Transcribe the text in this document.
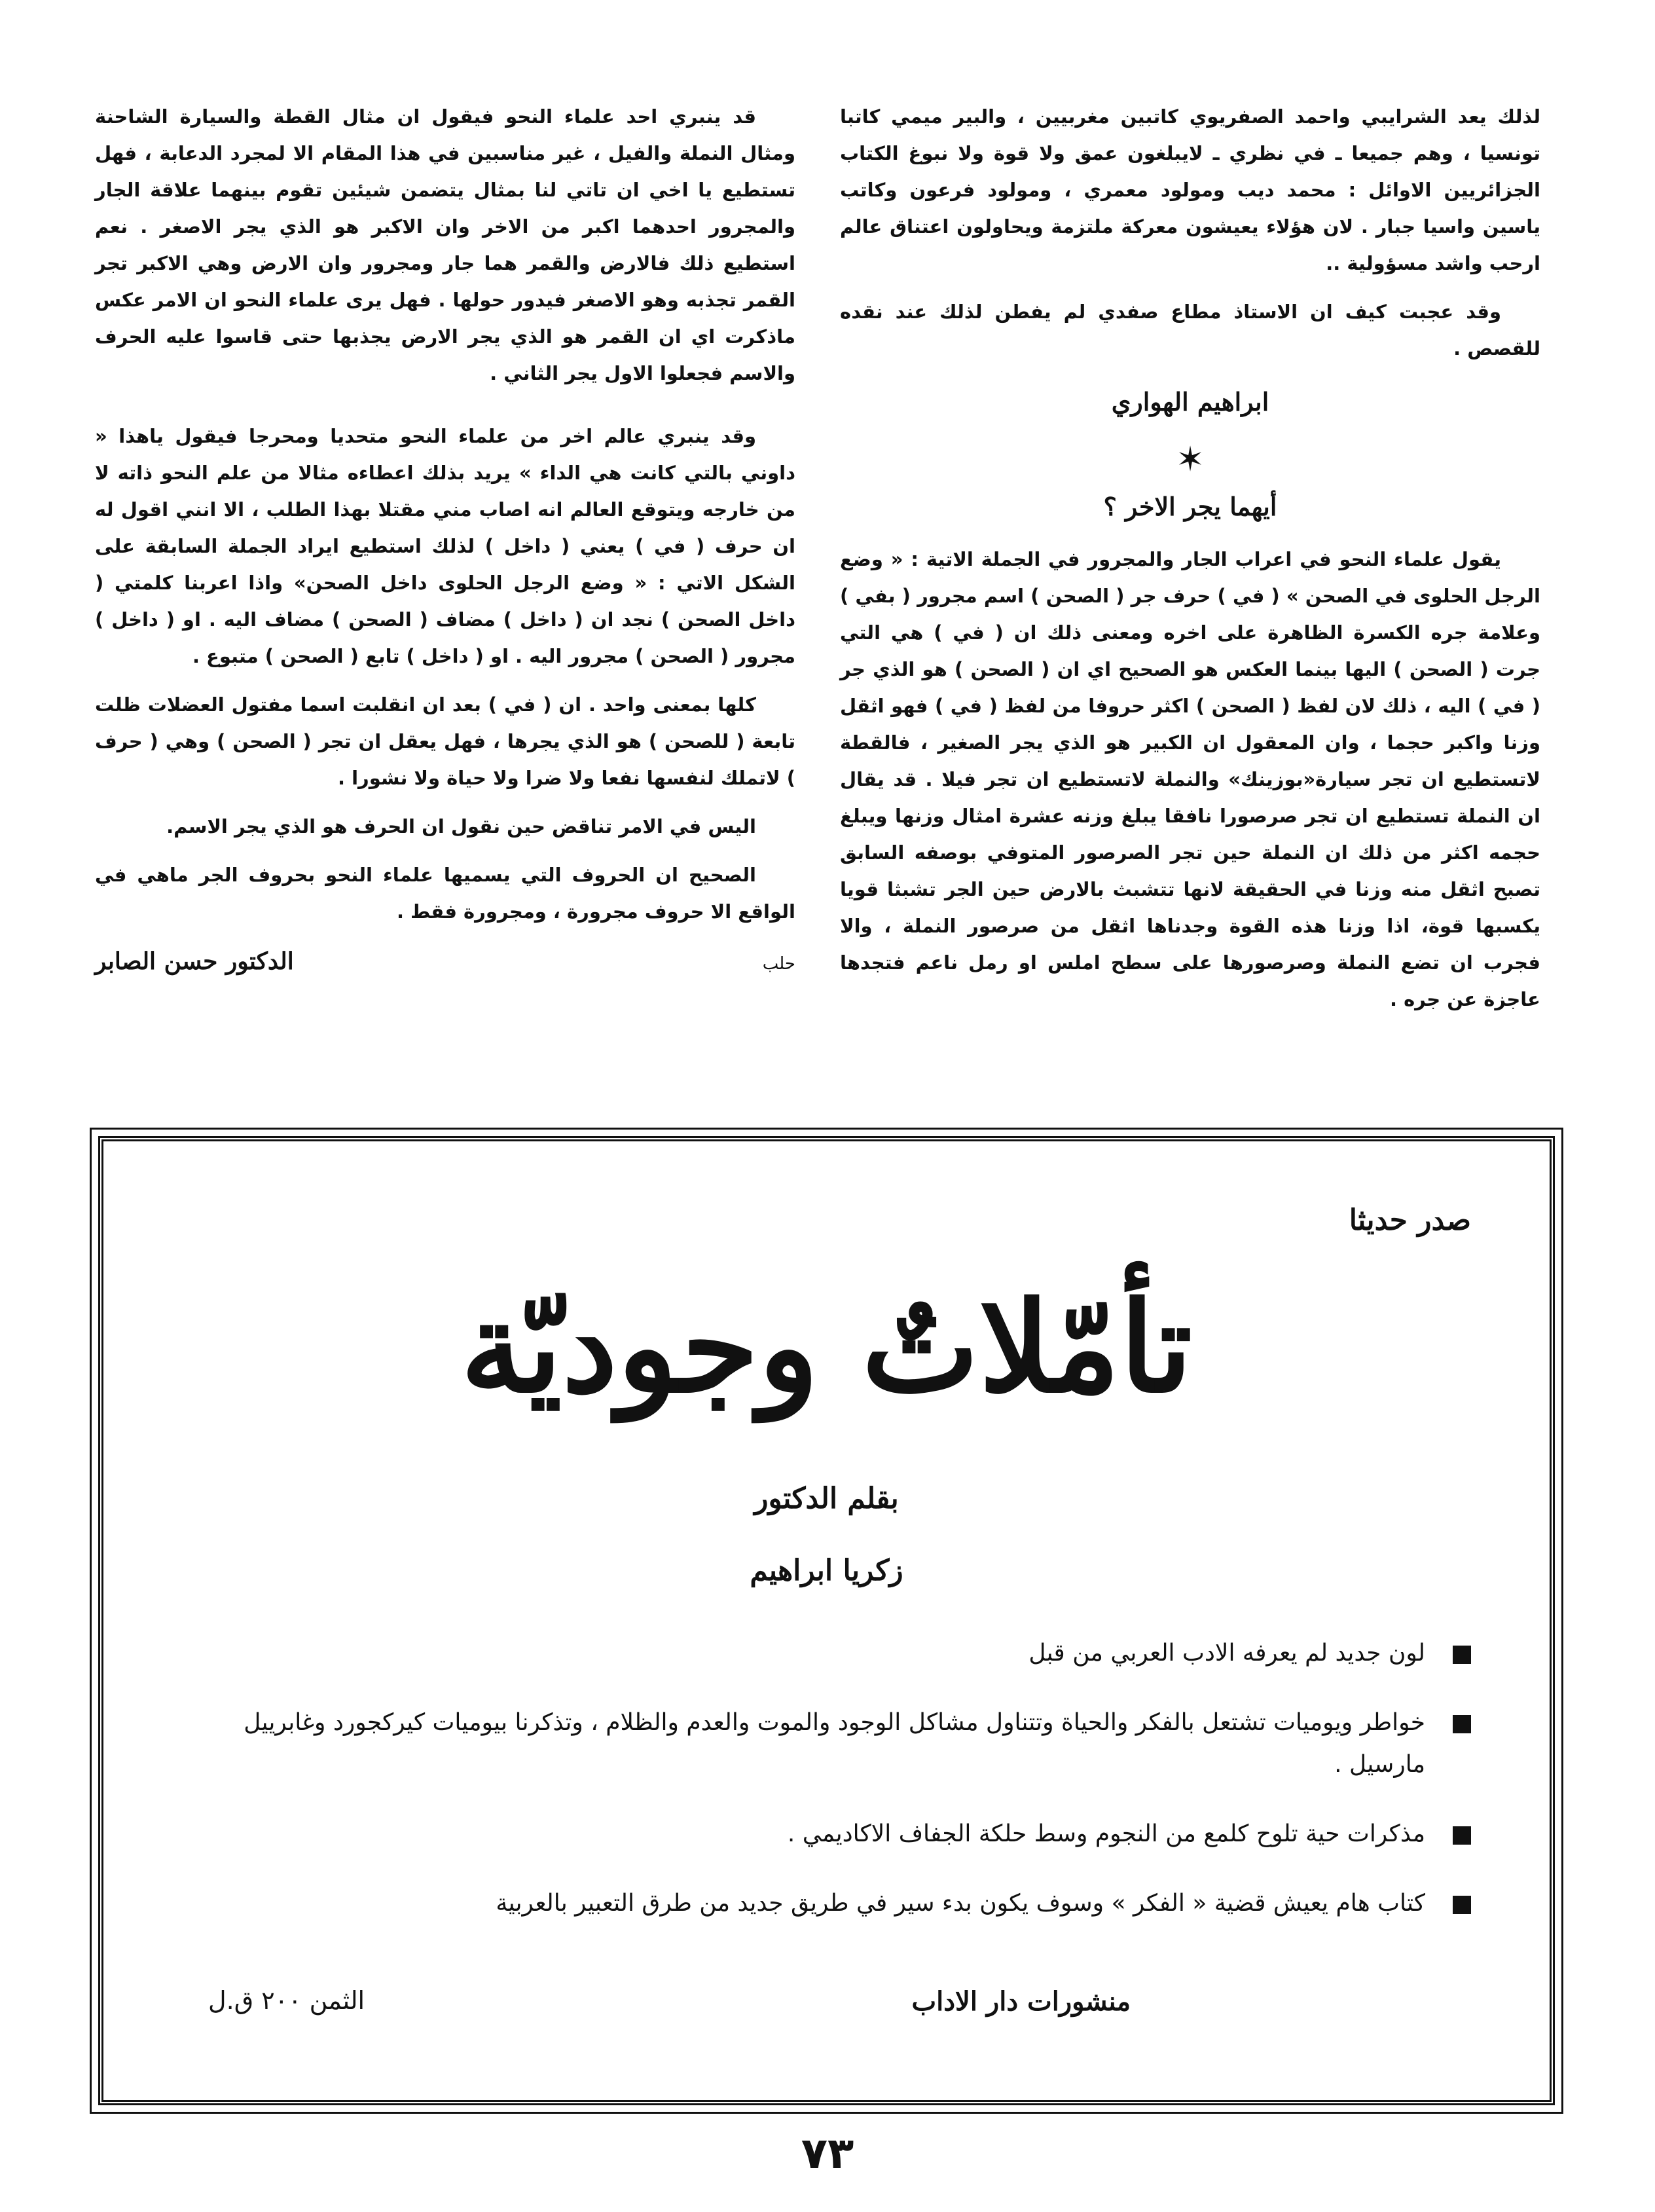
لذلك يعد الشرايبي واحمد الصفريوي كاتبين مغربيين ، والبير ميمي كاتبا تونسيا ، وهم جميعا ـ في نظري ـ لايبلغون عمق ولا قوة ولا نبوغ الكتاب الجزائريين الاوائل : محمد ديب ومولود معمري ، ومولود فرعون وكاتب ياسين واسيا جبار . لان هؤلاء يعيشون معركة ملتزمة ويحاولون اعتناق عالم ارحب واشد مسؤولية ..

وقد عجبت كيف ان الاستاذ مطاع صفدي لم يفطن لذلك عند نقده للقصص .

ابراهيم الهواري
✶
أيهما يجر الاخر ؟

يقول علماء النحو في اعراب الجار والمجرور في الجملة الاتية : « وضع الرجل الحلوى في الصحن » ( في ) حرف جر ( الصحن ) اسم مجرور ( بفي ) وعلامة جره الكسرة الظاهرة على اخره ومعنى ذلك ان ( في ) هي التي جرت ( الصحن ) اليها بينما العكس هو الصحيح اي ان ( الصحن ) هو الذي جر ( في ) اليه ، ذلك لان لفظ ( الصحن ) اكثر حروفا من لفظ ( في ) فهو اثقل وزنا واكبر حجما ، وان المعقول ان الكبير هو الذي يجر الصغير ، فالقطة لاتستطيع ان تجر سيارة«بوزينك» والنملة لاتستطيع ان تجر فيلا . قد يقال ان النملة تستطيع ان تجر صرصورا نافقا يبلغ وزنه عشرة امثال وزنها ويبلغ حجمه اكثر من ذلك ان النملة حين تجر الصرصور المتوفي بوصفه السابق تصبح اثقل منه وزنا في الحقيقة لانها تتشبث بالارض حين الجر تشبثا قويا يكسبها قوة، اذا وزنا هذه القوة وجدناها اثقل من صرصور النملة ، والا فجرب ان تضع النملة وصرصورها على سطح املس او رمل ناعم فتجدها عاجزة عن جره .

قد ينبري احد علماء النحو فيقول ان مثال القطة والسيارة الشاحنة ومثال النملة والفيل ، غير مناسبين في هذا المقام الا لمجرد الدعابة ، فهل تستطيع يا اخي ان تاتي لنا بمثال يتضمن شيئين تقوم بينهما علاقة الجار والمجرور احدهما اكبر من الاخر وان الاكبر هو الذي يجر الاصغر . نعم استطيع ذلك فالارض والقمر هما جار ومجرور وان الارض وهي الاكبر تجر القمر تجذبه وهو الاصغر فيدور حولها . فهل يرى علماء النحو ان الامر عكس ماذكرت اي ان القمر هو الذي يجر الارض يجذبها حتى قاسوا عليه الحرف والاسم فجعلوا الاول يجر الثاني .

وقد ينبري عالم اخر من علماء النحو متحديا ومحرجا فيقول ياهذا « داوني بالتي كانت هي الداء » يريد بذلك اعطاءه مثالا من علم النحو ذاته لا من خارجه ويتوقع العالم انه اصاب مني مقتلا بهذا الطلب ، الا انني اقول له ان حرف ( في ) يعني ( داخل ) لذلك استطيع ايراد الجملة السابقة على الشكل الاتي : « وضع الرجل الحلوى داخل الصحن» واذا اعربنا كلمتي ( داخل الصحن ) نجد ان ( داخل ) مضاف ( الصحن ) مضاف اليه . او ( داخل ) مجرور ( الصحن ) مجرور اليه . او ( داخل ) تابع ( الصحن ) متبوع .

كلها بمعنى واحد . ان ( في ) بعد ان انقلبت اسما مفتول العضلات ظلت تابعة ( للصحن ) هو الذي يجرها ، فهل يعقل ان تجر ( الصحن ) وهي ( حرف ) لاتملك لنفسها نفعا ولا ضرا ولا حياة ولا نشورا .

اليس في الامر تناقض حين نقول ان الحرف هو الذي يجر الاسم.

الصحيح ان الحروف التي يسميها علماء النحو بحروف الجر ماهي في الواقع الا حروف مجرورة ، ومجرورة فقط .

حلب
الدكتور حسن الصابر
صدر حديثا
تأمّلاتٌ وجوديّة
بقلم الدكتور
زكريا ابراهيم
لون جديد لم يعرفه الادب العربي من قبل
خواطر ويوميات تشتعل بالفكر والحياة وتتناول مشاكل الوجود والموت والعدم والظلام ، وتذكرنا بيوميات كيركجورد وغابرييل مارسيل .
مذكرات حية تلوح كلمع من النجوم وسط حلكة الجفاف الاكاديمي .
كتاب هام يعيش قضية « الفكر » وسوف يكون بدء سير في طريق جديد من طرق التعبير بالعربية
منشورات دار الاداب
الثمن ٢٠٠ ق.ل
٧٣
